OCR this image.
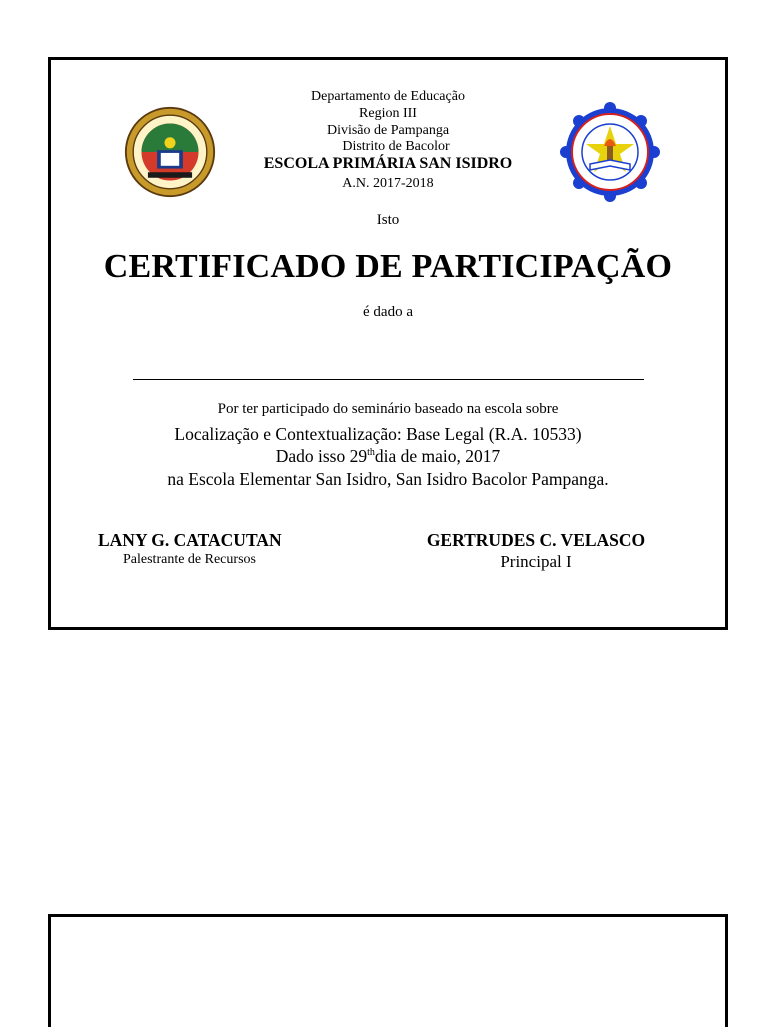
Departamento de Educação
Region III
Divisão de Pampanga
Distrito de Bacolor
ESCOLA PRIMÁRIA SAN ISIDRO
A.N. 2017-2018
Isto
CERTIFICADO DE PARTICIPAÇÃO
é dado a
Por ter participado do seminário baseado na escola sobre
Localização e Contextualização: Base Legal (R.A. 10533)
Dado isso 29thdia de maio, 2017
na Escola Elementar San Isidro, San Isidro Bacolor Pampanga.
LANY G. CATACUTAN
Palestrante de Recursos
GERTRUDES C. VELASCO
Principal I
